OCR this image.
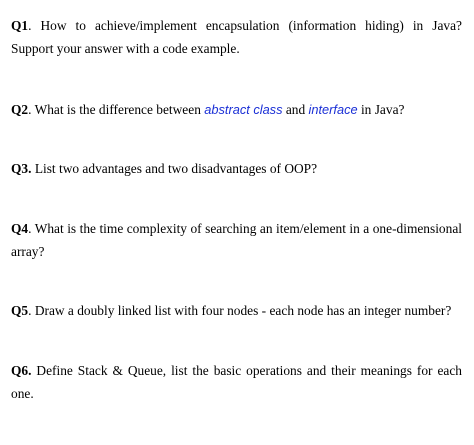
Q1. How to achieve/implement encapsulation (information hiding) in Java? Support your answer with a code example.

Q2. What is the difference between abstract class and interface in Java?

Q3. List two advantages and two disadvantages of OOP?

Q4. What is the time complexity of searching an item/element in a one-dimensional array?

Q5. Draw a doubly linked list with four nodes - each node has an integer number?

Q6. Define Stack & Queue, list the basic operations and their meanings for each one.
